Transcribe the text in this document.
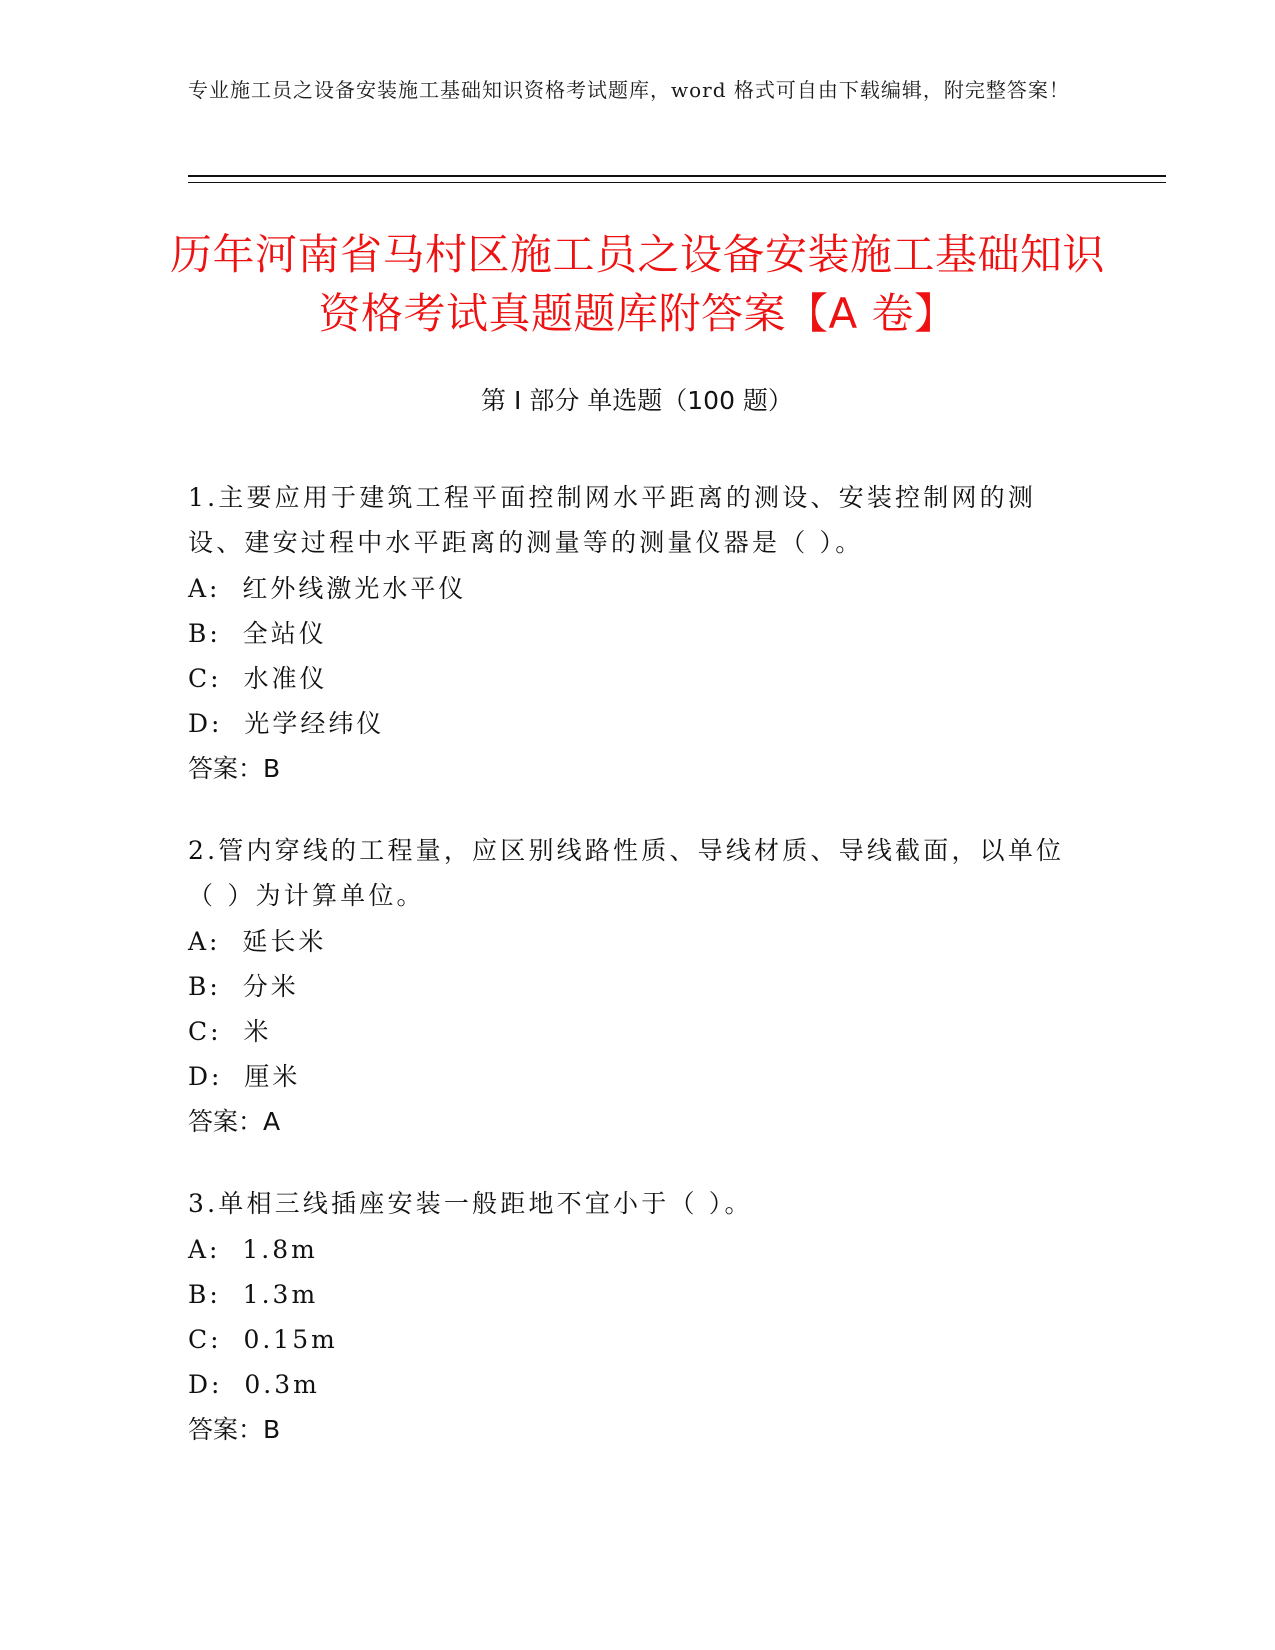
专业施工员之设备安装施工基础知识资格考试题库，word 格式可自由下载编辑，附完整答案！
历年河南省马村区施工员之设备安装施工基础知识资格考试真题题库附答案【A 卷】
第 I 部分 单选题（100 题）

1.主要应用于建筑工程平面控制网水平距离的测设、安装控制网的测设、建安过程中水平距离的测量等的测量仪器是（ ）。

A:  红外线激光水平仪

B:  全站仪

C:  水准仪

D:  光学经纬仪

答案：B

2.管内穿线的工程量，应区别线路性质、导线材质、导线截面，以单位（ ）为计算单位。

A:  延长米

B:  分米

C:  米

D:  厘米

答案：A

3.单相三线插座安装一般距地不宜小于（ ）。

A:  1.8m

B:  1.3m

C:  0.15m

D:  0.3m

答案：B
